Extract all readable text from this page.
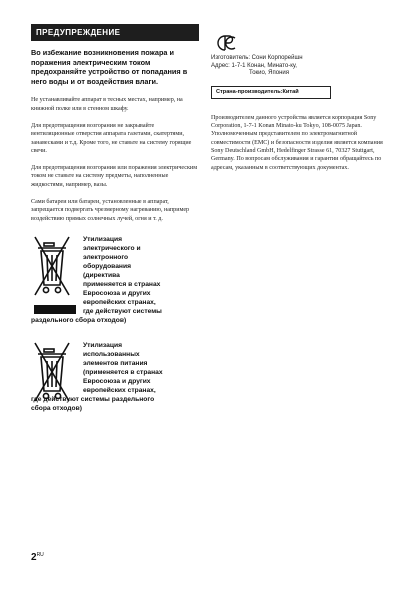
ПРЕДУПРЕЖДЕНИЕ
Во избежание возникновения пожара и поражения электрическим током предохраняйте устройство от попадания в него воды и от воздействия влаги.
Не устанавливайте аппарат в тесных местах, например, на книжной полке или в стенном шкафу.
Для предотвращения возгорания не закрывайте вентиляционные отверстия аппарата газетами, скатертями, занавесками и т.д. Кроме того, не ставьте на систему горящие свечи.
Для предотвращения возгорания или поражения электрическим током не ставьте на систему предметы, наполненные жидкостями, например, вазы.
Сами батареи или батареи, установленные в аппарат, запрещается подвергать чрезмерному нагреванию, например воздействию прямых солнечных лучей, огня и т. д.
Утилизация
электрического и
электронного
оборудования
(директива
применяется в странах
Евросоюза и других
европейских странах,
где действуют системы
раздельного сбора отходов)
Утилизация
использованных
элементов питания
(применяется в странах
Евросоюза и других
европейских странах,
где действуют системы раздельного
сбора отходов)
Изготовитель: Сони Корпорейшн
Адрес: 1-7-1 Конан, Минато-ку,
Токио, Япония
Страна-производитель:Китай
Производителем данного устройства является корпорация Sony Corporation, 1-7-1 Konan Minato-ku Tokyo, 108-0075 Japan. Уполномоченным представителем по электромагнитной совместимости (EMC) и безопасности изделия является компания Sony Deutschland GmbH, Hedelfinger Strasse 61, 70327 Stuttgart, Germany. По вопросам обслуживания и гарантии обращайтесь по адресам, указанным в соответствующих документах.
$2^{RU}$
